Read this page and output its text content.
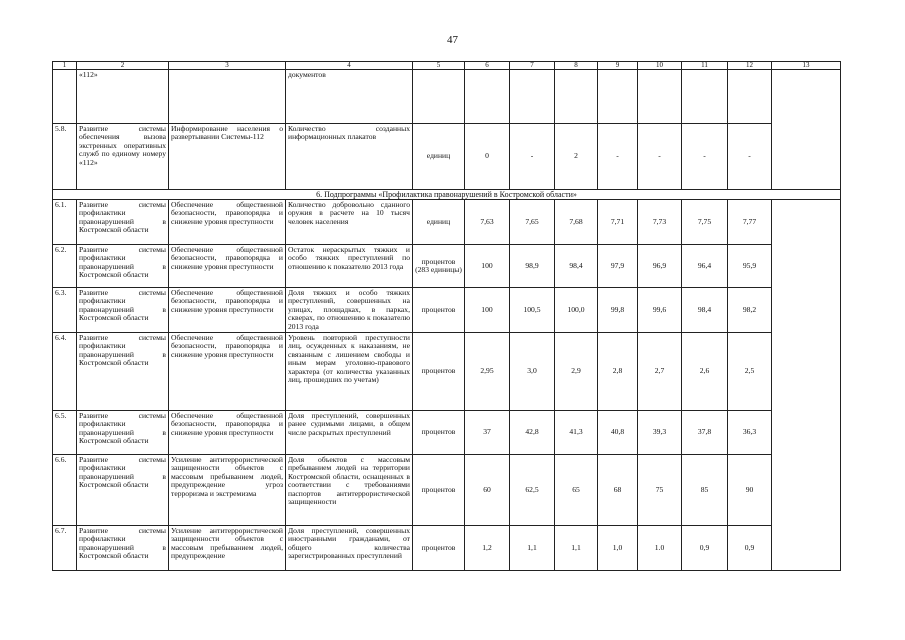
47
1	2	3	4	5	6	7	8	9	10	11	12	13
	«112»		документов									
5.8.	Развитие системы обеспечения вызова экстренных оперативных служб по единому номеру «112»	Информирование населения о развертывании Системы-112	Количество созданных информационных плакатов	единиц	0	-	2	-	-	-	-	
6. Подпрограммы «Профилактика правонарушений в Костромской области»												
6.1.	Развитие системы профилактики правонарушений в Костромской области	Обеспечение общественной безопасности, правопорядка и снижение уровня преступности	Количество добровольно сданного оружия в расчете на 10 тысяч человек населения	единиц	7,63	7,65	7,68	7,71	7,73	7,75	7,77	
6.2.	Развитие системы профилактики правонарушений в Костромской области	Обеспечение общественной безопасности, правопорядка и снижение уровня преступности	Остаток нераскрытых тяжких и особо тяжких преступлений по отношению к показателю 2013 года	процентов (283 единицы)	100	98,9	98,4	97,9	96,9	96,4	95,9	
6.3.	Развитие системы профилактики правонарушений в Костромской области	Обеспечение общественной безопасности, правопорядка и снижение уровня преступности	Доля тяжких и особо тяжких преступлений, совершенных на улицах, площадках, в парках, скверах, по отношению к показателю 2013 года	процентов	100	100,5	100,0	99,8	99,6	98,4	98,2	
6.4.	Развитие системы профилактики правонарушений в Костромской области	Обеспечение общественной безопасности, правопорядка и снижение уровня преступности	Уровень повторной преступности лиц, осужденных к наказаниям, не связанным с лишением свободы и иным мерам уголовно-правового характера (от количества указанных лиц, прошедших по учетам)	процентов	2,95	3,0	2,9	2,8	2,7	2,6	2,5	
6.5.	Развитие системы профилактики правонарушений в Костромской области	Обеспечение общественной безопасности, правопорядка и снижение уровня преступности	Доля преступлений, совершенных ранее судимыми лицами, в общем числе раскрытых преступлений	процентов	37	42,8	41,3	40,8	39,3	37,8	36,3	
6.6.	Развитие системы профилактики правонарушений в Костромской области	Усиление антитеррористической защищенности объектов с массовым пребыванием людей, предупреждение угроз терроризма и экстремизма	Доля объектов с массовым пребыванием людей на территории Костромской области, оснащенных в соответствии с требованиями паспортов антитеррористической защищенности	процентов	60	62,5	65	68	75	85	90	
6.7.	Развитие системы профилактики правонарушений в Костромской области	Усиление антитеррористической защищенности объектов с массовым пребыванием людей, предупреждение	Доля преступлений, совершенных иностранными гражданами, от общего количества зарегистрированных преступлений	процентов	1,2	1,1	1,1	1,0	1.0	0,9	0,9	
